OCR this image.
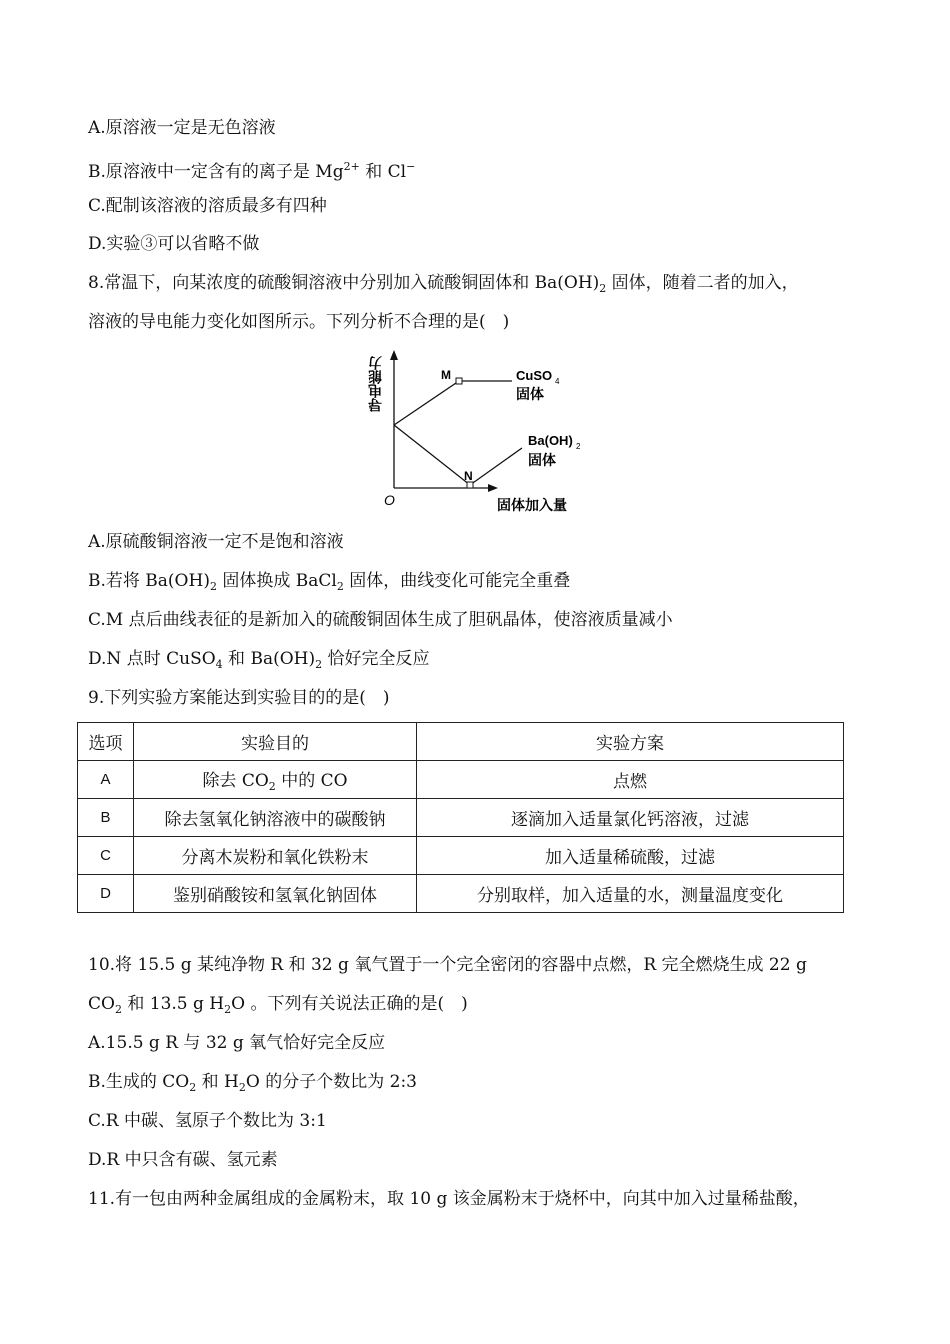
A.原溶液一定是无色溶液
B.原溶液中一定含有的离子是 $Mg^{2+}$ 和 Cl−
C.配制该溶液的溶质最多有四种
D.实验③可以省略不做
8.常温下，向某浓度的硫酸铜溶液中分别加入硫酸铜固体和 $Ba(OH)_2$ 固体，随着二者的加入，
溶液的导电能力变化如图所示。下列分析不合理的是(　)
导电能力
O	固体加入量
M
N
CuSO 4
固体
Ba(OH) 2
固体
A.原硫酸铜溶液一定不是饱和溶液
B.若将 $Ba(OH)_2$ 固体换成 BaCl$_2$ 固体，曲线变化可能完全重叠
C.M 点后曲线表征的是新加入的硫酸铜固体生成了胆矾晶体，使溶液质量减小
D.N 点时 CuSO$_4$ 和 $Ba(OH)_2$ 恰好完全反应
9.下列实验方案能达到实验目的的是(　)
选项	实验目的	实验方案
A	除去 $CO_2$ 中的 CO	点燃
B	除去氢氧化钠溶液中的碳酸钠	逐滴加入适量氯化钙溶液，过滤
C	分离木炭粉和氧化铁粉末	加入适量稀硫酸，过滤
D	鉴别硝酸铵和氢氧化钠固体	分别取样，加入适量的水，测量温度变化
10.将 15.5 g 某纯净物 R 和 32 g 氧气置于一个完全密闭的容器中点燃，R 完全燃烧生成 22 g
$CO_2$ 和 13.5 g $H_2O$ 。下列有关说法正确的是(　)
A.15.5 g R 与 32 g 氧气恰好完全反应
B.生成的 $CO_2$ 和 $H_2O$ 的分子个数比为 2:3
C.R 中碳、氢原子个数比为 3:1
D.R 中只含有碳、氢元素
11.有一包由两种金属组成的金属粉末，取 10 g 该金属粉末于烧杯中，向其中加入过量稀盐酸，
